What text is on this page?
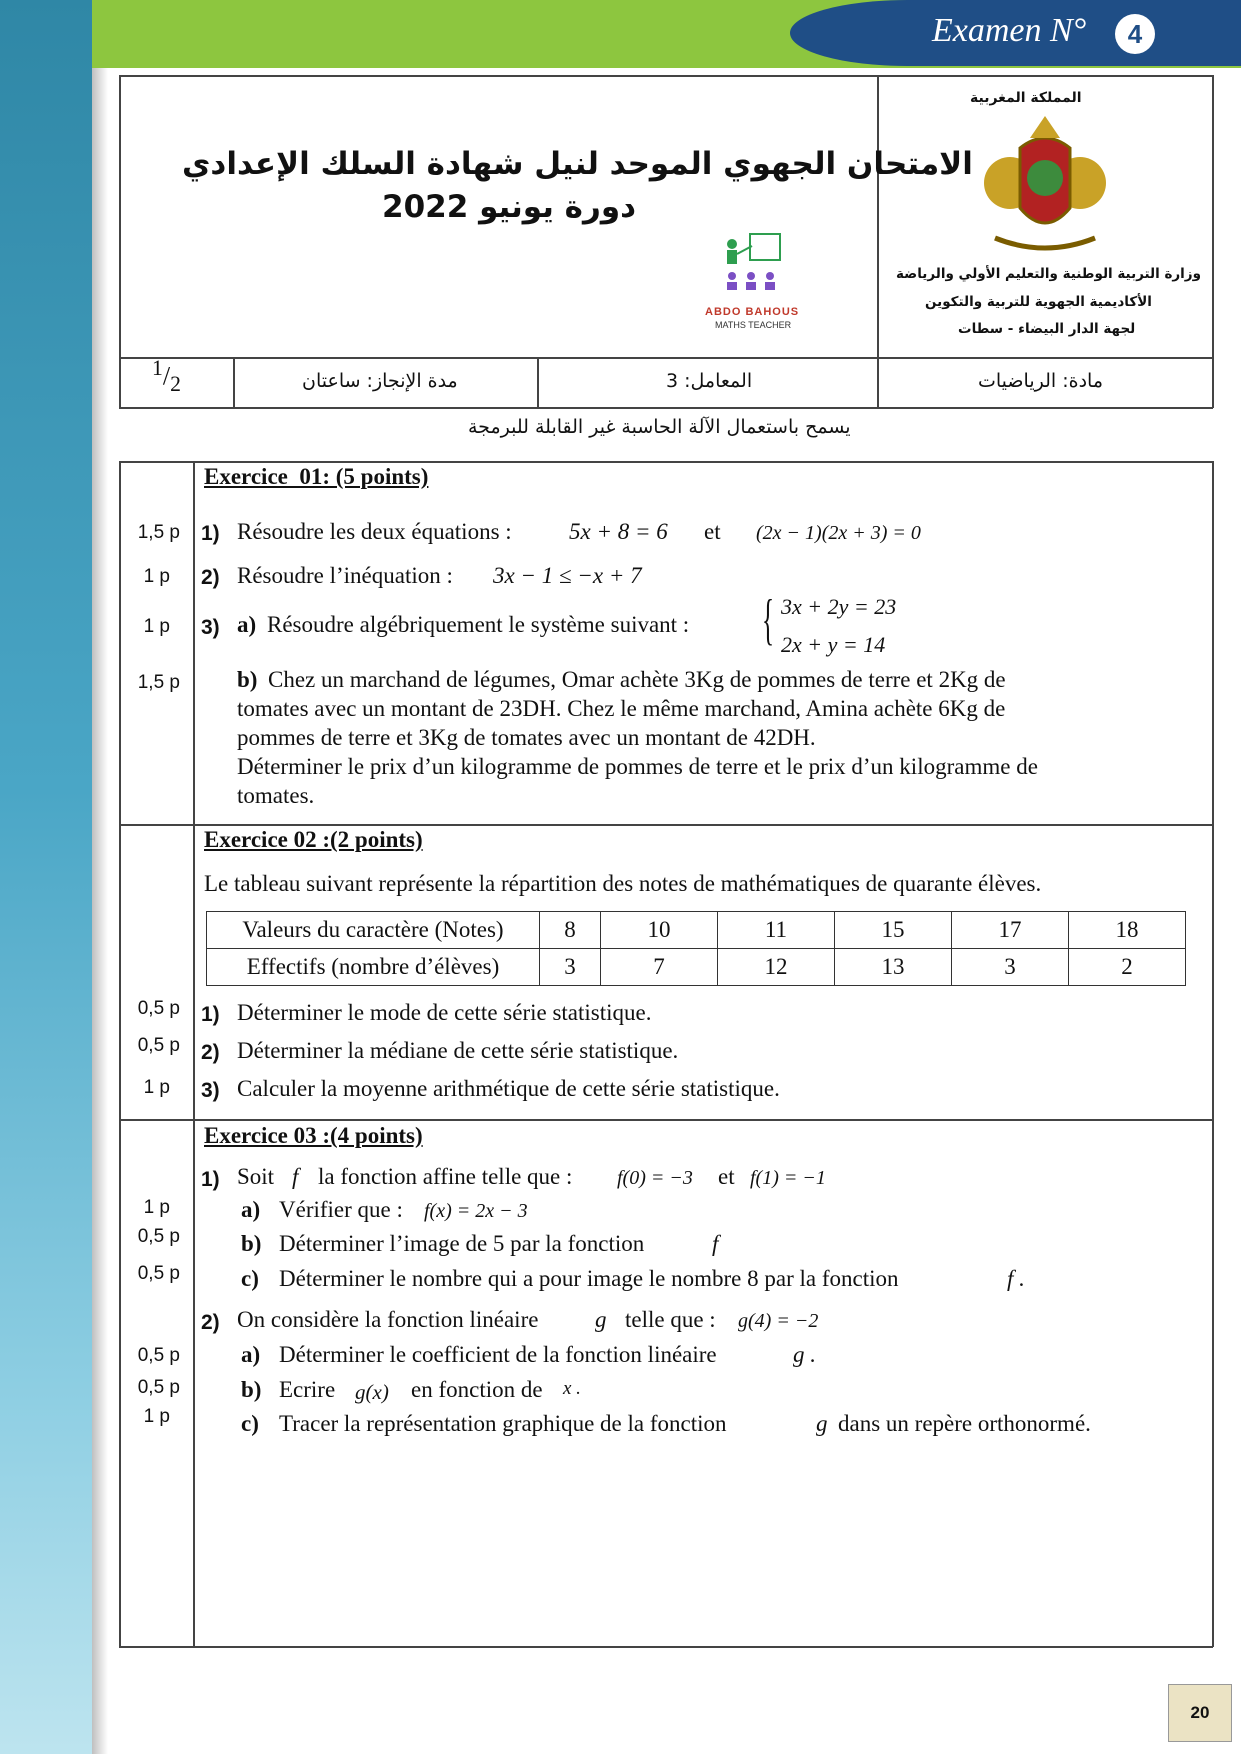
Examen N°	4
المملكة المغربية
وزارة التربية الوطنية والتعليم الأولي والرياضة
الأكاديمية الجهوية للتربية والتكوين
لجهة الدار البيضاء - سطات
الامتحان الجهوي الموحد لنيل شهادة السلك الإعدادي
دورة يونيو 2022
ABDO BAHOUS
MATHS TEACHER
$^1/_2$	مدة الإنجاز: ساعتان	المعامل: 3	مادة: الرياضيات
يسمح باستعمال الآلة الحاسبة غير القابلة للبرمجة
Exercice  01: (5 points)
1,5 p 1) Résoudre les deux équations : 5x + 8 = 6 et (2x − 1)(2x + 3) = 0
1 p 2) Résoudre l’inéquation : 3x − 1 ≤ −x + 7
1 p 3) a) Résoudre algébriquement le système suivant : { 3x + 2y = 23
2x + y = 14
1,5 p b) Chez un marchand de légumes, Omar achète 3Kg de pommes de terre et 2Kg de
tomates avec un montant de 23DH. Chez le même marchand, Amina achète 6Kg de
pommes de terre et 3Kg de tomates avec un montant de 42DH.
Déterminer le prix d’un kilogramme de pommes de terre et le prix d’un kilogramme de
tomates.
Exercice 02 :(2 points)
Le tableau suivant représente la répartition des notes de mathématiques de quarante élèves.
Valeurs du caractère (Notes)	8	10	11	15	17	18
Effectifs (nombre d’élèves)	3	7	12	13	3	2
0,5 p 1) Déterminer le mode de cette série statistique.
0,5 p 2) Déterminer la médiane de cette série statistique.
1 p 3) Calculer la moyenne arithmétique de cette série statistique.
Exercice 03 :(4 points)
1) Soit f la fonction affine telle que : f(0) = −3 et f(1) = −1
1 p	a) Vérifier que : f(x) = 2x − 3
0,5 p	b) Déterminer l’image de 5 par la fonction	f
0,5 p	c) Déterminer le nombre qui a pour image le nombre 8 par la fonction	f .
2) On considère la fonction linéaire g telle que : g(4) = −2
0,5 p	a) Déterminer le coefficient de la fonction linéaire	g .
0,5 p	b) Ecrire g(x) en fonction de x .
1 p	c) Tracer la représentation graphique de la fonction	g dans un repère orthonormé.
20
